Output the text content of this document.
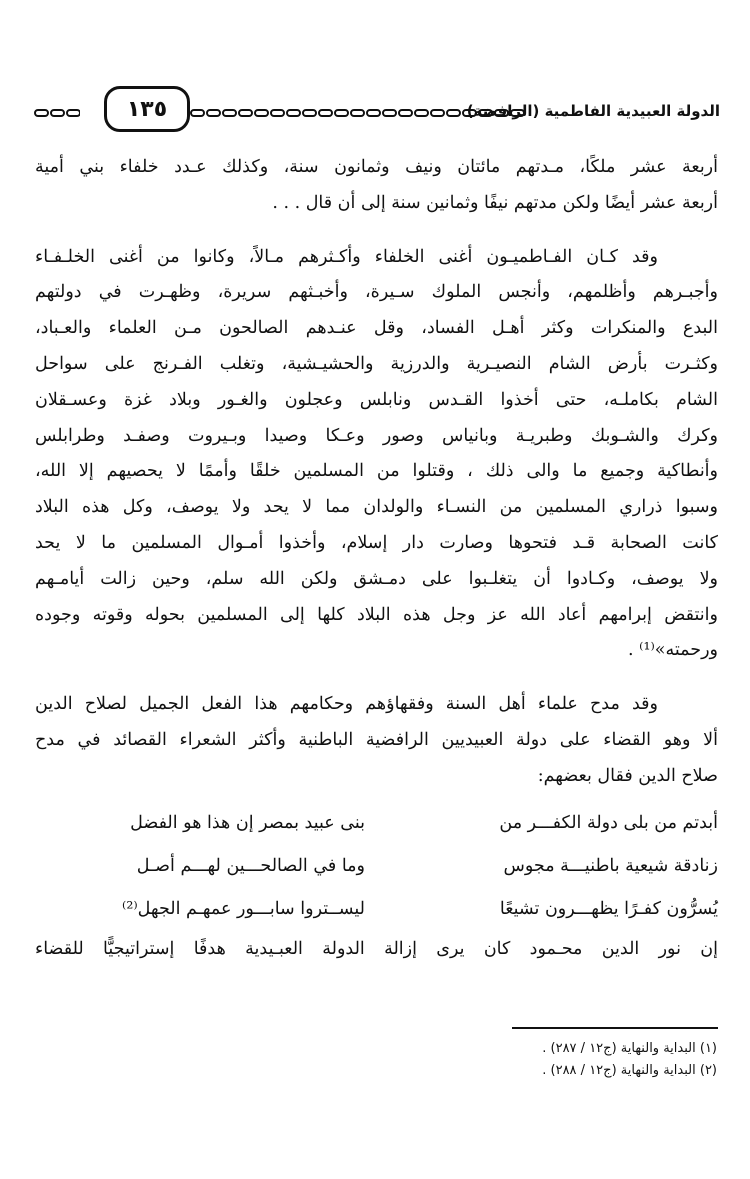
١٣٥	الدولة العبيدية الفاطمية (الرافضة)

أربعة عشر ملكًا، مـدتهم مائتان ونيف وثمانون سنة، وكذلك عـدد خلفاء بني أمية
أربعة عشر أيضًا ولكن مدتهم نيفًا وثمانين سنة إلى أن قال . . .

وقد كـان الفـاطميـون أغنى الخلفاء وأكـثرهم مـالاً، وكانوا من أغنى الخلـفـاء
وأجبـرهم وأظلمهم، وأنجس الملوك سـيرة، وأخبـثهم سريرة، وظهـرت في دولتهم
البدع والمنكرات وكثر أهـل الفساد، وقل عنـدهم الصالحون مـن العلماء والعـباد،
وكثـرت بأرض الشام النصيـرية والدرزية والحشيـشية، وتغلب الفـرنج على سواحل
الشام بكاملـه، حتى أخذوا القـدس ونابلس وعجلون والغـور وبلاد غزة وعسـقلان
وكرك والشـوبك وطبريـة وبانياس وصور وعـكا وصيدا وبـيروت وصفـد وطرابلس
وأنطاكية وجميع ما والى ذلك ، وقتلوا من المسلمين خلقًا وأممًا لا يحصيهم إلا الله،
وسبوا ذراري المسلمين من النسـاء والولدان مما لا يحد ولا يوصف، وكل هذه البلاد
كانت الصحابة قـد فتحوها وصارت دار إسلام، وأخذوا أمـوال المسلمين ما لا يحد
ولا يوصف، وكـادوا أن يتغلـبوا على دمـشق ولكن الله سلم، وحين زالت أيامـهم
وانتقض إبرامهم أعاد الله عز وجل هذه البلاد كلها إلى المسلمين بحوله وقوته وجوده
ورحمته»⁽¹⁾ .

وقد مدح علماء أهل السنة وفقهاؤهم وحكامهم هذا الفعل الجميل لصلاح الدين
ألا وهو القضاء على دولة العبيديين الرافضية الباطنية وأكثر الشعراء القصائد في مدح
صلاح الدين فقال بعضهم:

أبدتم من بلى دولة الكفـــر من
بنى عبيد بمصر إن هذا هو الفضل
زنادقة شيعية باطنيـــة مجوس
وما في الصالحـــين لهـــم أصـل
يُسرُّون كفـرًا يظهـــرون تشيعًا
ليســتروا سابـــور عمهـم الجهل⁽²⁾

إن نور الدين محـمود كان يرى إزالة الدولة العبـيدية هدفًا إستراتيجيًّا للقضاء

(١) البداية والنهاية (ج١٢ / ٢٨٧) .
(٢) البداية والنهاية (ج١٢ / ٢٨٨) .
